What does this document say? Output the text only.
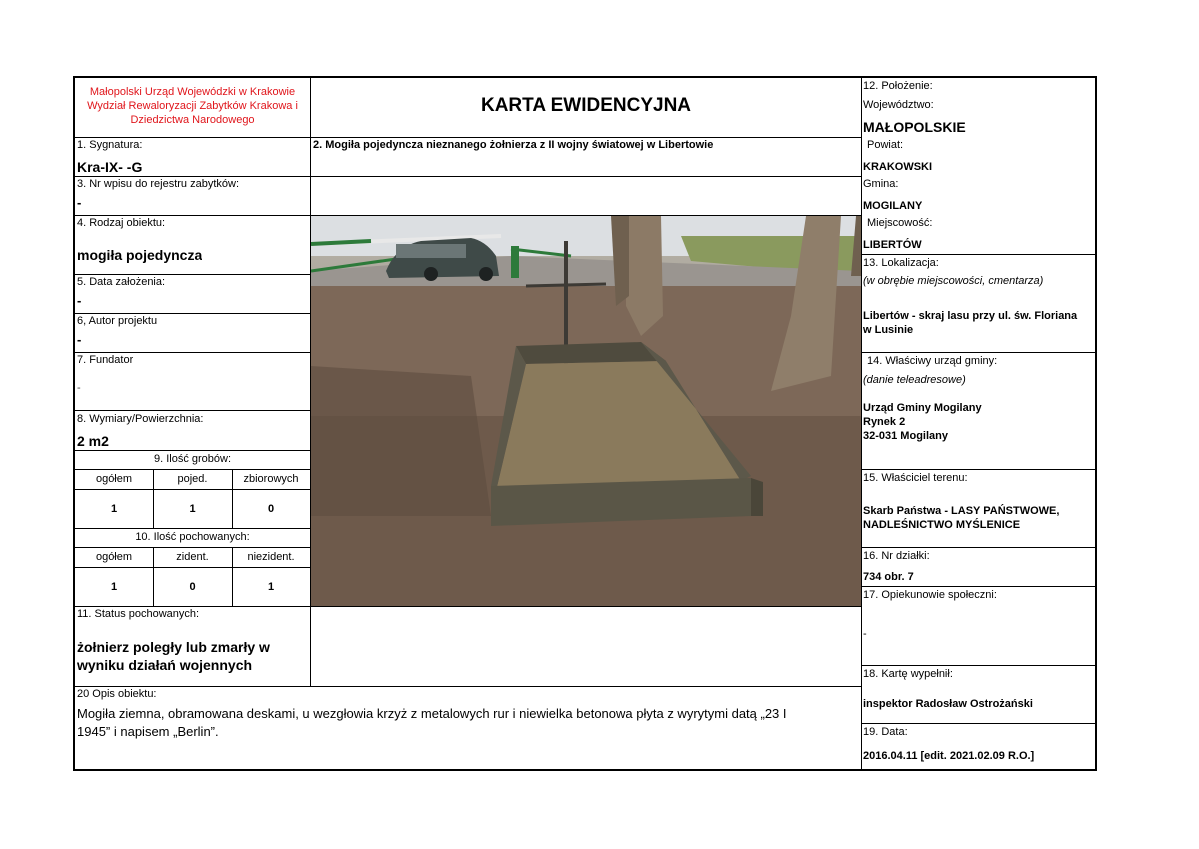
Małopolski Urząd Wojewódzki w Krakowie
Wydział Rewaloryzacji Zabytków Krakowa i
Dziedzictwa Narodowego
KARTA EWIDENCYJNA
1. Sygnatura:
Kra-IX- -G
3. Nr wpisu do rejestru zabytków:
-
4. Rodzaj obiektu:
mogiła pojedyncza
5. Data założenia:
-
6, Autor projektu
-
7. Fundator
-
8. Wymiary/Powierzchnia:
2 m2
9. Ilość grobów:
ogółem	pojed.	zbiorowych
1	1	0
10. Ilość pochowanych:
ogółem	zident.	niezident.
1	0	1
11. Status pochowanych:
żołnierz poległy lub zmarły w
wyniku działań wojennych
2. Mogiła pojedyncza nieznanego żołnierza z II wojny światowej w Libertowie
12. Położenie:
Województwo:
MAŁOPOLSKIE
Powiat:
KRAKOWSKI
Gmina:
MOGILANY
Miejscowość:
LIBERTÓW
13. Lokalizacja:
(w obrębie miejscowości, cmentarza)
Libertów - skraj lasu przy ul. św. Floriana
w Lusinie
14. Właściwy urząd gminy:
(danie teleadresowe)
Urząd Gminy Mogilany
Rynek 2
32-031 Mogilany
15. Właściciel terenu:
Skarb Państwa - LASY PAŃSTWOWE,
NADLEŚNICTWO MYŚLENICE
16. Nr działki:
734 obr. 7
17. Opiekunowie społeczni:
-
18. Kartę wypełnił:
inspektor Radosław Ostrożański
19. Data:
2016.04.11 [edit. 2021.02.09 R.O.]
20 Opis obiektu:
Mogiła ziemna, obramowana deskami, u wezgłowia krzyż z metalowych rur i niewielka betonowa płyta z wyrytymi datą „23 I
1945” i napisem „Berlin”.
